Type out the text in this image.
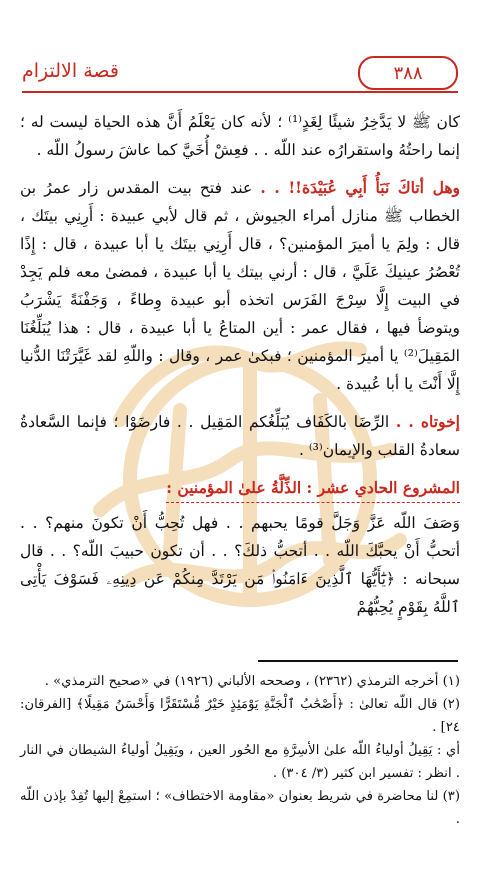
٣٨٨
قصة الالتزام

كان ﷺ لا يَدَّخِرُ شيئًا لِغَدٍ⁽¹⁾ ؛ لأنه كان يَعْلَمُ أَنَّ هذه الحياة ليست له ؛ إنما راحتُهُ واستقرارُه عند اللّه . . فعِشْ أُخَيَّ كما عاشَ رسولُ اللّه .

وهل أتاكَ نَبَأُ أَبِي عُبَيْدَة!! . . عند فتح بيت المقدس زار عمرُ بن الخطاب ﷺ منازل أمراء الجيوش ، ثم قال لأبي عبيدة : أَرِنِي بيتَك ، قال : ولِمَ يا أميرَ المؤمنين؟ ، قال أَرِنِي بيتَك يا أبا عبيدة ، قال : إِذًا تُعْصُرُ عينيكَ عَلَيَّ ، قال : أرني بيتك يا أبا عبيدة ، فمضىٰ معه فلم يَجِدْ في البيت إِلَّا سِرْجَ الفَرَس اتخذه أبو عبيدة وِطاءً ، وَجَفْنَةً يَشْرَبُ ويتوضأ فيها ، فقال عمر : أين المتاعُ يا أبا عبيدة ، قال : هذا يُبَلِّغُنَا المَقِيلَ⁽²⁾ يا أميرَ المؤمنين ؛ فبكىٰ عمر ، وقال : واللّهِ لقد غَيَّرَتْنَا الدُّنيا إِلَّا أَنْتَ يا أبا عُبيدة .

إخوتاه . . الرِّضَا بالكَفَاف يُبَلِّغُكم المَقِيل . . فارضَوْا ؛ فإنما السَّعادةُ سعادةُ القلب والإيمان⁽³⁾ .

المشروع الحادي عشر : الذِّلَّةُ علىٰ المؤمنين :

وَصَفَ اللّه عَزَّ وَجَلَّ قومًا يحبهم . . فهل تُحِبُّ أَنْ تكونَ منهم؟ . . أتحبُّ أَنْ يحبَّكَ اللّه . . أتحبُّ ذلكَ؟ . . أن تكون حبيبَ اللّه؟ . . قال سبحانه : ﴿يَٰٓأَيُّهَا ٱلَّذِينَ ءَامَنُوا۟ مَن يَرْتَدَّ مِنكُمْ عَن دِينِهِۦ فَسَوْفَ يَأْتِى ٱللَّهُ بِقَوْمٍ يُحِبُّهُمْ

(١) أخرجه الترمذي (٢٣٦٢) ، وصححه الألباني (١٩٢٦) في «صحيح الترمذي» .

(٢) قال اللّه تعالىٰ : ﴿أَصْحَٰبُ ٱلْجَنَّةِ يَوْمَئِذٍ خَيْرٌ مُّسْتَقَرًّا وَأَحْسَنُ مَقِيلًا﴾ [الفرقان: ٢٤] .

أي : يَقِيلُ أولياءُ اللّه علىٰ الأسِرَّةِ مع الحُور العين ، ويَقِيلُ أولياءُ الشيطان في النار . انظر : تفسير ابن كثير (٣/ ٣٠٤) .

(٣) لنا محاضرة في شريط بعنوان «مقاومة الاختطاف» ؛ استمِعْ إليها تُفِدْ بإذن اللّه .
